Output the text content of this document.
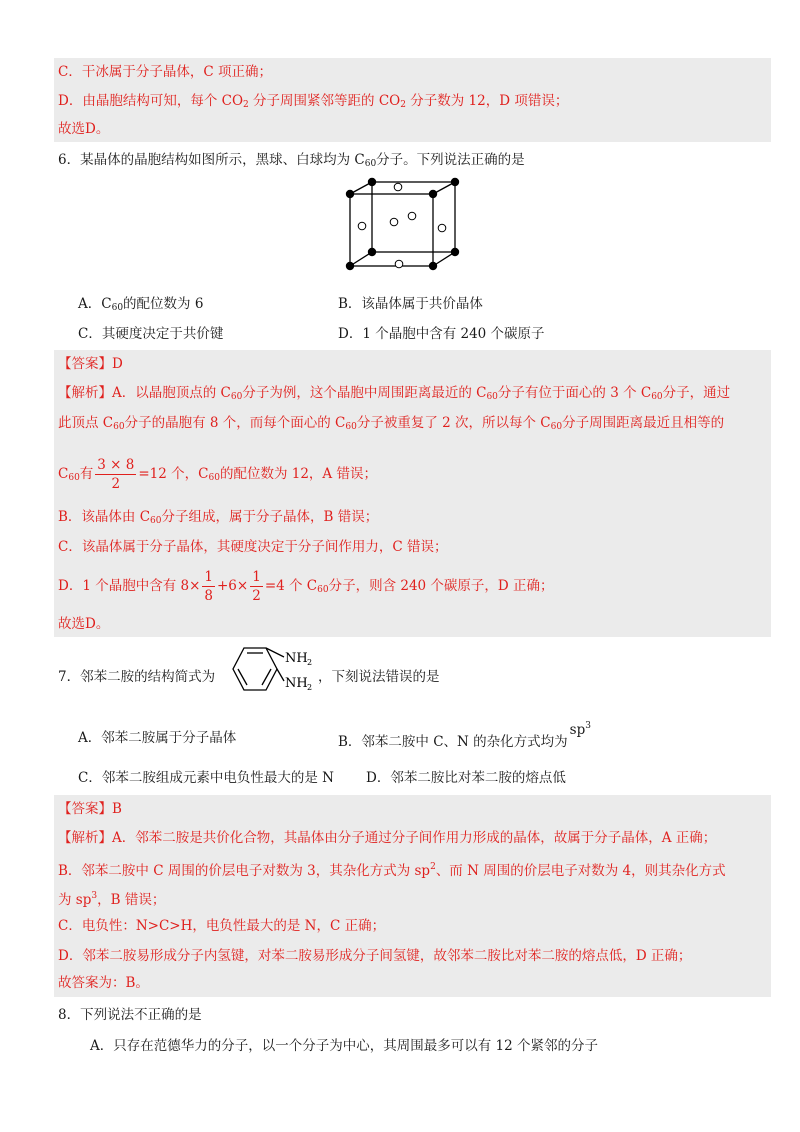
C．干冰属于分子晶体，C 项正确；
D．由晶胞结构可知，每个 $CO_2$ 分子周围紧邻等距的 $CO_2$ 分子数为 12，D 项错误；
故选D。
6．某晶体的晶胞结构如图所示，黑球、白球均为 $C_{60}$分子。下列说法正确的是
A．$C_{60}$的配位数为 6	B．该晶体属于共价晶体
C．其硬度决定于共价键	D．1 个晶胞中含有 240 个碳原子
【答案】D
【解析】A．以晶胞顶点的 $C_{60}$分子为例，这个晶胞中周围距离最近的 $C_{60}$分子有位于面心的 3 个 $C_{60}$分子，通过
此顶点 $C_{60}$分子的晶胞有 8 个，而每个面心的 $C_{60}$分子被重复了 2 次，所以每个 $C_{60}$分子周围距离最近且相等的
$C_{60}$有 $\frac{3 \times 8}{2} =12$ 个，$C_{60}$的配位数为 12，A 错误；
B．该晶体由 $C_{60}$分子组成，属于分子晶体，B 错误；
C．该晶体属于分子晶体，其硬度决定于分子间作用力，C 错误；
D．1 个晶胞中含有 $8\times \frac{1}{8} +6\times \frac{1}{2} =4$ 个 $C_{60}$分子，则含 240 个碳原子，D 正确；
故选D。
7．邻苯二胺的结构简式为
NH 2
NH 2
，下刻说法错误的是
A．邻苯二胺属于分子晶体	B．邻苯二胺中 C、N 的杂化方式均为$sp^3$
C．邻苯二胺组成元素中电负性最大的是 N D．邻苯二胺比对苯二胺的熔点低
【答案】B
【解析】A．邻苯二胺是共价化合物，其晶体由分子通过分子间作用力形成的晶体，故属于分子晶体，A 正确；
B．邻苯二胺中 C 周围的价层电子对数为 3，其杂化方式为 $sp^2$、而 N 周围的价层电子对数为 4，则其杂化方式
为 $sp^3$，B 错误；
C．电负性：N>C>H，电负性最大的是 N，C 正确；
D．邻苯二胺易形成分子内氢键，对苯二胺易形成分子间氢键，故邻苯二胺比对苯二胺的熔点低，D 正确；
故答案为：B。
8．下列说法不正确的是
A．只存在范德华力的分子，以一个分子为中心，其周围最多可以有 12 个紧邻的分子
